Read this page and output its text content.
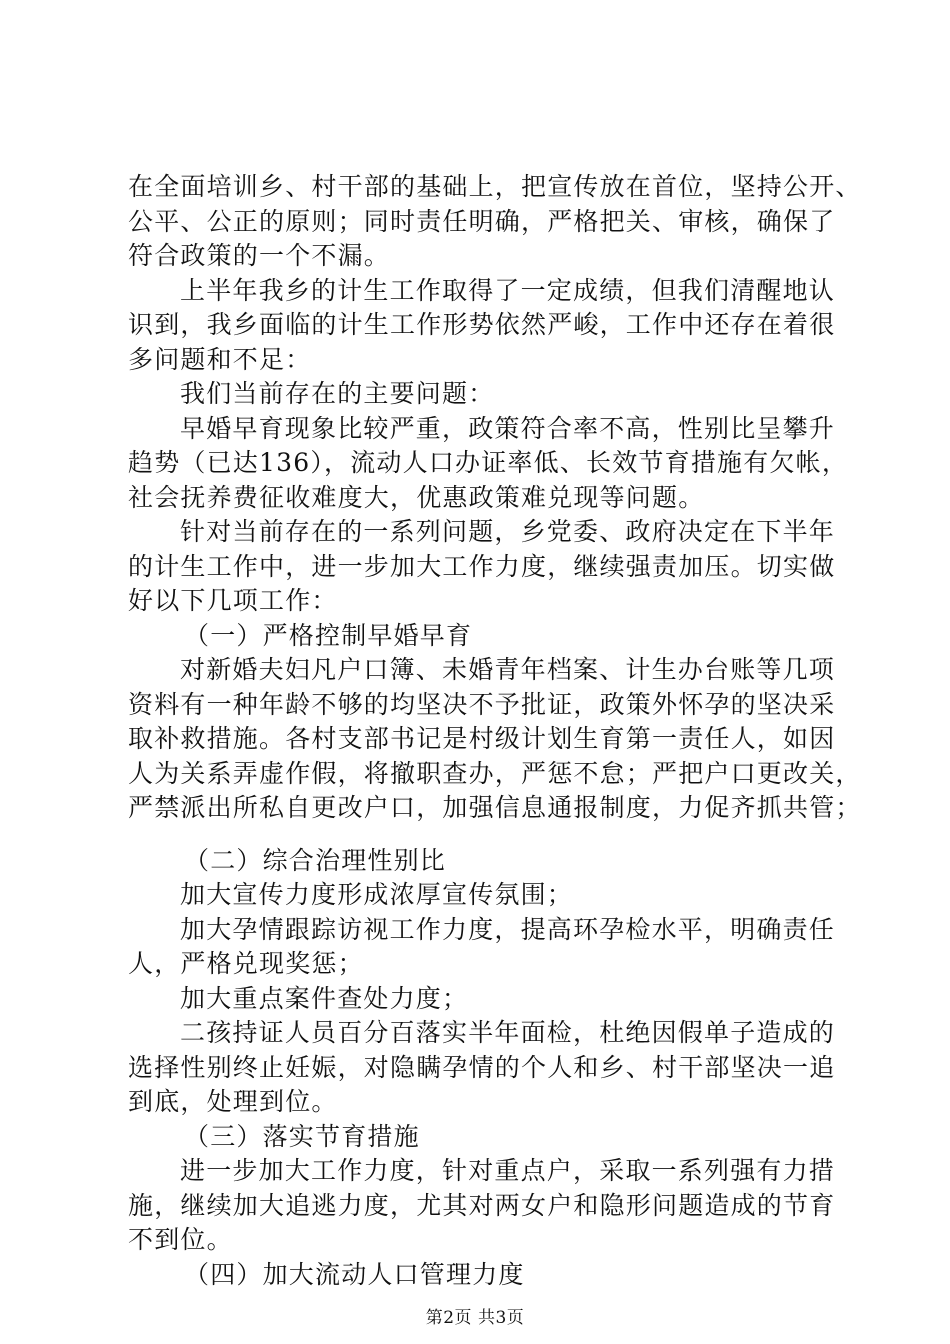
在全面培训乡、村干部的基础上，把宣传放在首位，坚持公开、
公平、公正的原则；同时责任明确，严格把关、审核，确保了
符合政策的一个不漏。
上半年我乡的计生工作取得了一定成绩，但我们清醒地认
识到，我乡面临的计生工作形势依然严峻，工作中还存在着很
多问题和不足：
我们当前存在的主要问题：
早婚早育现象比较严重，政策符合率不高，性别比呈攀升
趋势（已达136），流动人口办证率低、长效节育措施有欠帐，
社会抚养费征收难度大，优惠政策难兑现等问题。
针对当前存在的一系列问题，乡党委、政府决定在下半年
的计生工作中，进一步加大工作力度，继续强责加压。切实做
好以下几项工作：
（一）严格控制早婚早育
对新婚夫妇凡户口簿、未婚青年档案、计生办台账等几项
资料有一种年龄不够的均坚决不予批证，政策外怀孕的坚决采
取补救措施。各村支部书记是村级计划生育第一责任人，如因
人为关系弄虚作假，将撤职查办，严惩不怠；严把户口更改关，
严禁派出所私自更改户口，加强信息通报制度，力促齐抓共管；
（二）综合治理性别比
加大宣传力度形成浓厚宣传氛围；
加大孕情跟踪访视工作力度，提高环孕检水平，明确责任
人，严格兑现奖惩；
加大重点案件查处力度；
二孩持证人员百分百落实半年面检，杜绝因假单子造成的
选择性别终止妊娠，对隐瞒孕情的个人和乡、村干部坚决一追
到底，处理到位。
（三）落实节育措施
进一步加大工作力度，针对重点户，采取一系列强有力措
施，继续加大追逃力度，尤其对两女户和隐形问题造成的节育
不到位。
（四）加大流动人口管理力度
第2页 共3页
